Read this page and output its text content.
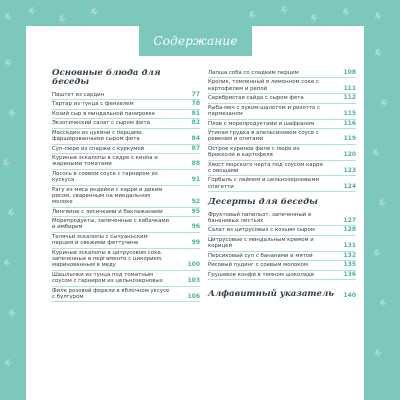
Содержание
Основные блюда для беседы
Паштет из сардин	77
Тартар из тунца с фенхелем	78
Козий сыр в миндальной панировке	81
Экзотический салат с сыром фета	82
Масседин из цукини с перцами, фаршированными сыром фета	84
Суп-пюре из спаржи с куркумой	87
Куриные эскалопы в сидре с киноа и жареными томатами	88
Лосось в соевом соусе с гарниром из кускуса	91
Рагу из мяса индейки с карри и диким рисом, сваренным на миндальном молоке	92
Лингвине с лисичками и баклажанами	95
Морепродукты, запеченные с кабачками и имбирем	96
Телячьи эскалопы с сычуаньским перцем и свежими феттучине	99
Куриные эскалопы в цитрусовом соке, запеченные в пергаменте с цикорием, маринованным в меду	100
Шашлычки из тунца под томатным соусом с гарниром из цельнозерновых	103
Филе розовой форели в яблочном уксусе с булгуром	106
Лапша соба со сладким перцем	108
Кролик, томленный в лимонном соке с картофелем и репой	111
Серебристая сайда с сыром фета	112
Рыба-меч с луком-шалотом и ризотто с пармезаном	115
Плов с морепродуктами и шафраном	116
Утиная грудка в апельсиновом соусе с ревенем и опятами	119
Острое куриное филе с пюре из брокколи и картофеля	120
Хвост морского черта под соусом карри с овощами	123
Горбыль с лаймом и цельнозерновыми спагетти	124
Десерты для беседы
Фруктовый папильот, запеченный в банановых листьях	127
Салат из цитрусовых с козьим сыром	128
Цитрусовые с миндальным кремом и корицей	131
Персиковый суп с бананами и мятой	132
Рисовый пудинг с соевым молоком	135
Грушевое конфи в темном шоколаде	136
Алфавитный указатель	140
